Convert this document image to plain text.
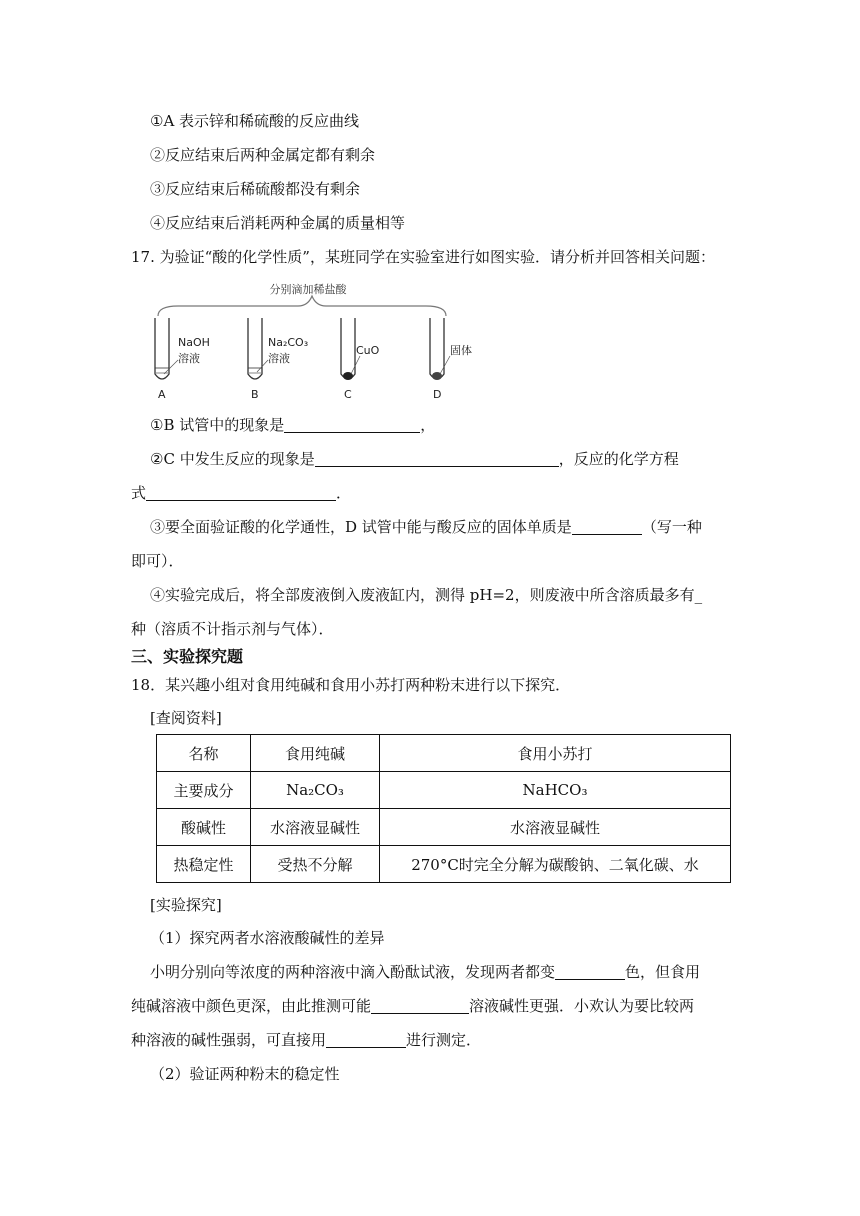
①A 表示锌和稀硫酸的反应曲线
②反应结束后两种金属定都有剩余
③反应结束后稀硫酸都没有剩余
④反应结束后消耗两种金属的质量相等
17. 为验证“酸的化学性质”，某班同学在实验室进行如图实验．请分析并回答相关问题：
分别滴加稀盐酸
NaOH
溶液
A
Na₂CO₃
溶液
B
CuO
C
固体
D
①B 试管中的现象是	，
②C 中发生反应的现象是	，反应的化学方程
式	．
③要全面验证酸的化学通性，D 试管中能与酸反应的固体单质是	（写一种
即可）．
④实验完成后，将全部废液倒入废液缸内，测得 pH=2，则废液中所含溶质最多有_
种（溶质不计指示剂与气体）．
三、实验探究题
18．某兴趣小组对食用纯碱和食用小苏打两种粉末进行以下探究．
[查阅资料]
名称	食用纯碱	食用小苏打
主要成分	Na₂CO₃	NaHCO₃
酸碱性	水溶液显碱性	水溶液显碱性
热稳定性	受热不分解	270°C时完全分解为碳酸钠、二氧化碳、水
[实验探究]
（1）探究两者水溶液酸碱性的差异
小明分别向等浓度的两种溶液中滴入酚酞试液，发现两者都变	色，但食用
纯碱溶液中颜色更深，由此推测可能	溶液碱性更强．小欢认为要比较两
种溶液的碱性强弱，可直接用	进行测定．
（2）验证两种粉末的稳定性
